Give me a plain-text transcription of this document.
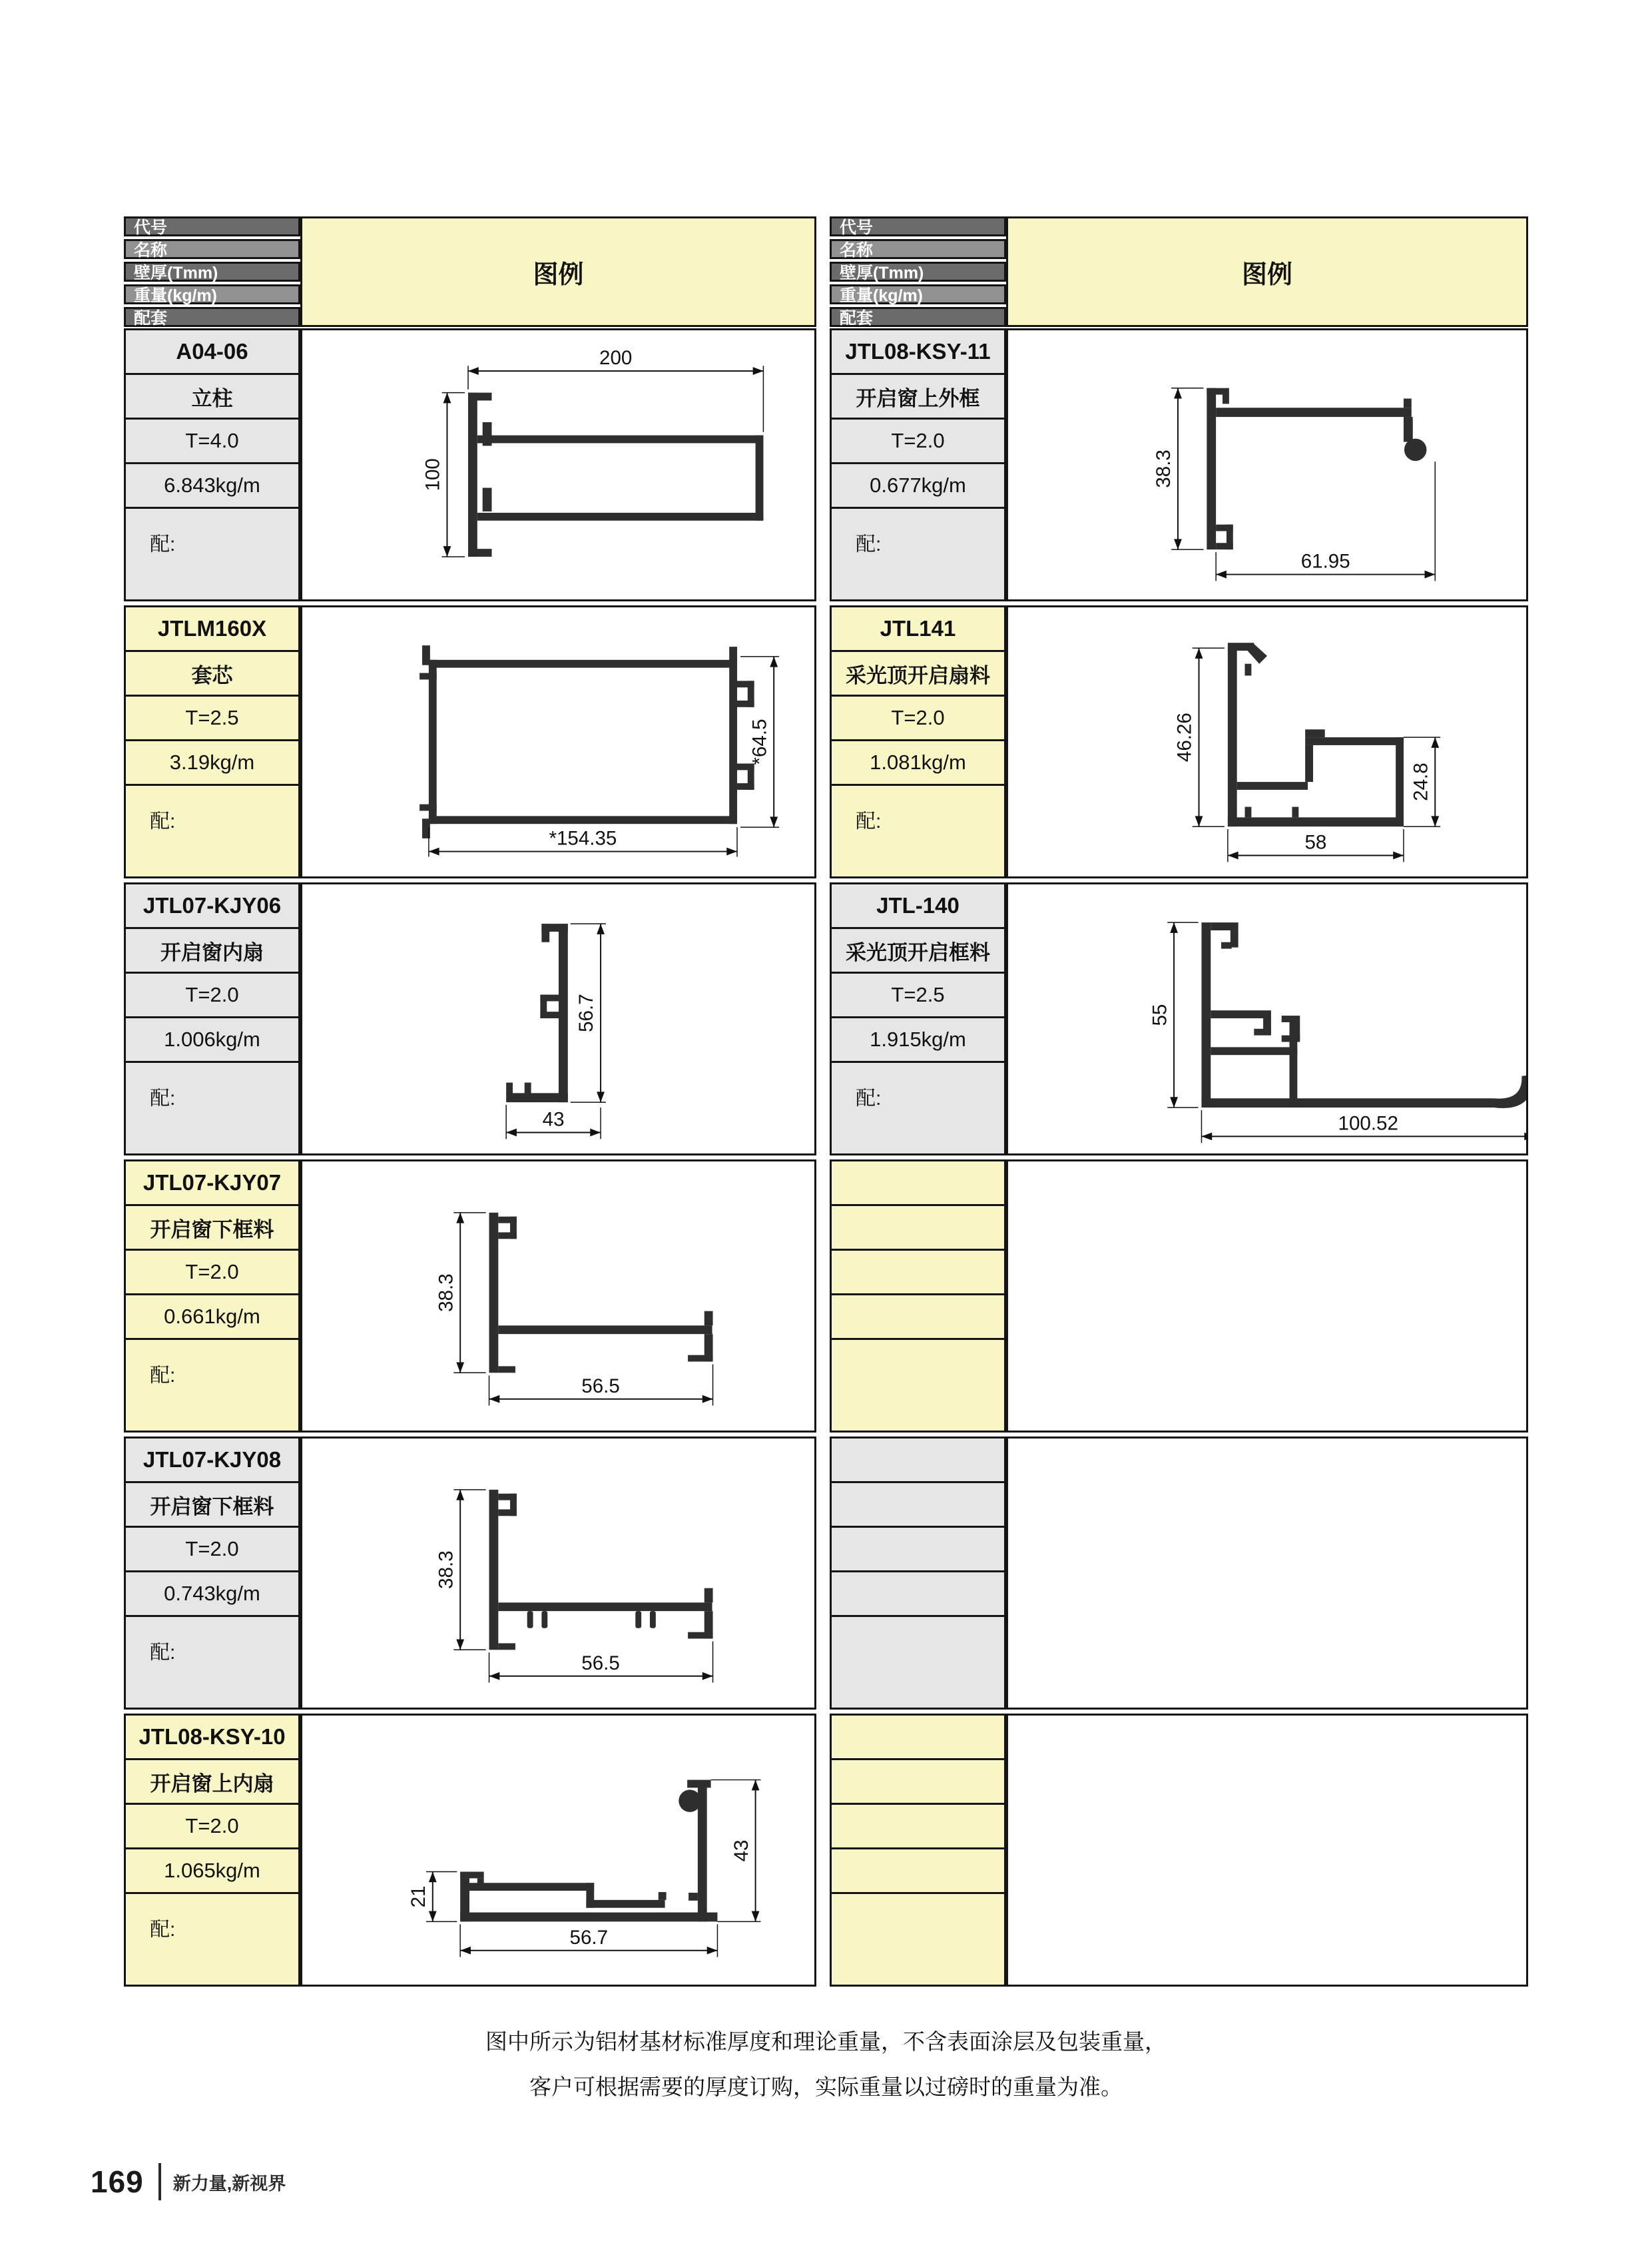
代号
名称
壁厚(Tmm)
重量(kg/m)
配套
图例
A04-06
立柱
T=4.0
6.843kg/m
配:
200
100
JTLM160X
套芯
T=2.5
3.19kg/m
配:
*154.35
*64.5
JTL07-KJY06
开启窗内扇
T=2.0
1.006kg/m
配:
56.7
43
JTL07-KJY07
开启窗下框料
T=2.0
0.661kg/m
配:
38.3
56.5
JTL07-KJY08
开启窗下框料
T=2.0
0.743kg/m
配:
38.3
56.5
JTL08-KSY-10
开启窗上内扇
T=2.0
1.065kg/m
配:
21
43
56.7
代号
名称
壁厚(Tmm)
重量(kg/m)
配套
图例
JTL08-KSY-11
开启窗上外框
T=2.0
0.677kg/m
配:
38.3
61.95
JTL141
采光顶开启扇料
T=2.0
1.081kg/m
配:
46.26
24.8
58
JTL-140
采光顶开启框料
T=2.5
1.915kg/m
配:
55
100.52
图中所示为铝材基材标准厚度和理论重量，不含表面涂层及包装重量，
客户可根据需要的厚度订购，实际重量以过磅时的重量为准。
169 新力量,新视界
